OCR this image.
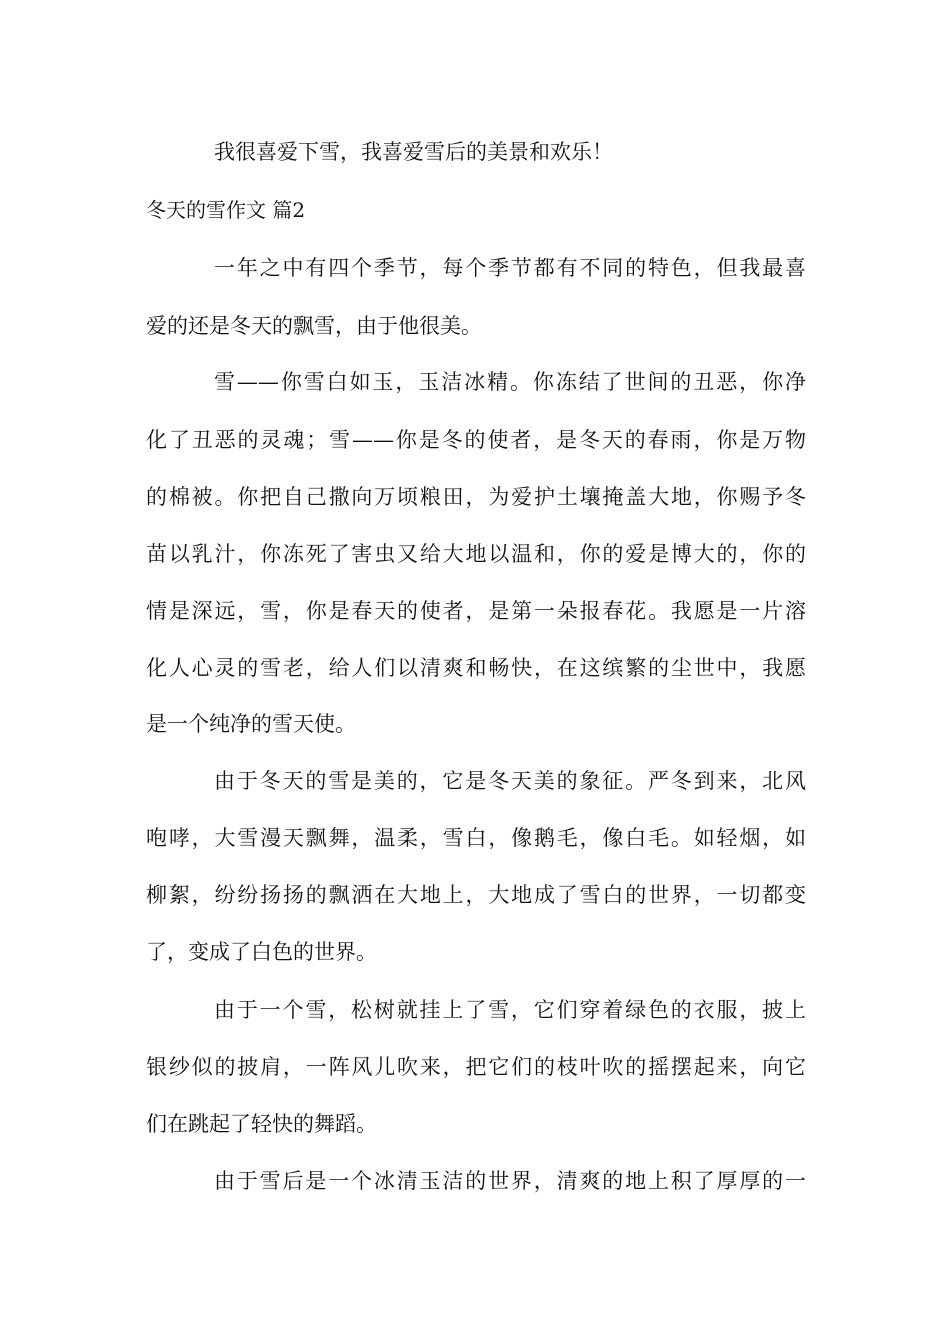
我很喜爱下雪，我喜爱雪后的美景和欢乐！
冬天的雪作文 篇2
一年之中有四个季节，每个季节都有不同的特色，但我最喜
爱的还是冬天的飘雪，由于他很美。
雪——你雪白如玉，玉洁冰精。你冻结了世间的丑恶，你净
化了丑恶的灵魂；雪——你是冬的使者，是冬天的春雨，你是万物
的棉被。你把自己撒向万顷粮田，为爱护土壤掩盖大地，你赐予冬
苗以乳汁，你冻死了害虫又给大地以温和，你的爱是博大的，你的
情是深远，雪，你是春天的使者，是第一朵报春花。我愿是一片溶
化人心灵的雪老，给人们以清爽和畅快，在这缤繁的尘世中，我愿
是一个纯净的雪天使。
由于冬天的雪是美的，它是冬天美的象征。严冬到来，北风
咆哮，大雪漫天飘舞，温柔，雪白，像鹅毛，像白毛。如轻烟，如
柳絮，纷纷扬扬的飘洒在大地上，大地成了雪白的世界，一切都变
了，变成了白色的世界。
由于一个雪，松树就挂上了雪，它们穿着绿色的衣服，披上
银纱似的披肩，一阵风儿吹来，把它们的枝叶吹的摇摆起来，向它
们在跳起了轻快的舞蹈。
由于雪后是一个冰清玉洁的世界，清爽的地上积了厚厚的一
